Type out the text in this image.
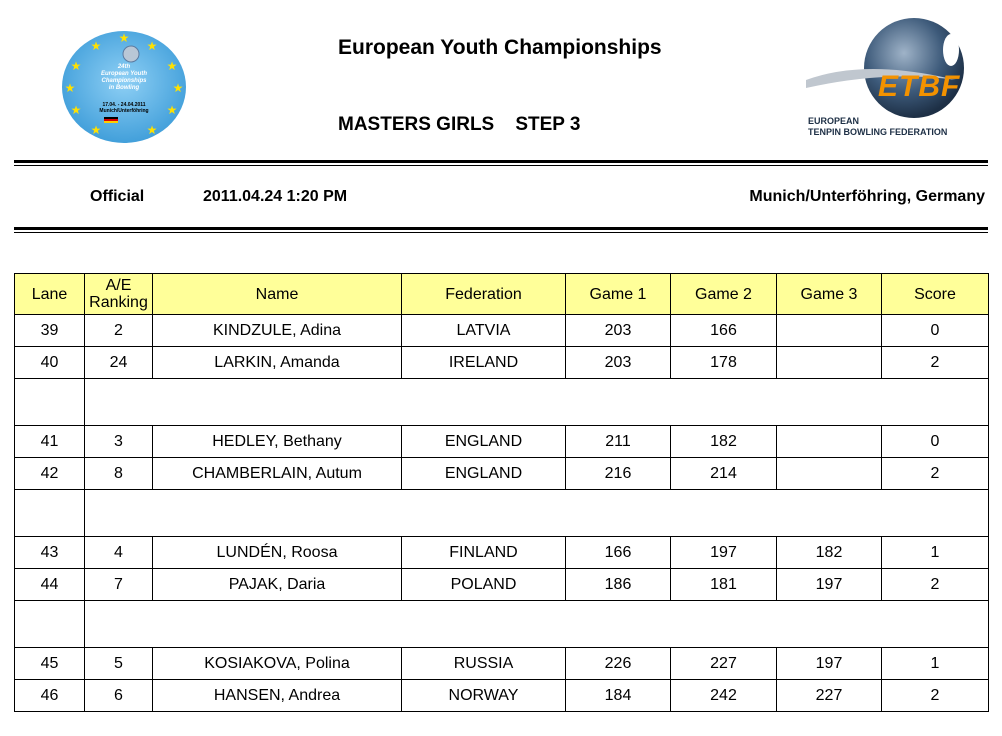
★
★	★
★	★
★	★
★	★
★	★
24th
European Youth
Championships
in Bowling
17.04. - 24.04.2011
Munich/Unterföhring
European Youth Championships
MASTERS GIRLS    STEP 3
ETBF
EUROPEAN
TENPIN BOWLING FEDERATION
Official	2011.04.24 1:20 PM	Munich/Unterföhring, Germany
Lane	A/E Ranking	Name	Federation	Game 1	Game 2	Game 3	Score
39	2	KINDZULE, Adina	LATVIA	203	166		0
40	24	LARKIN, Amanda	IRELAND	203	178		2

41	3	HEDLEY, Bethany	ENGLAND	211	182		0
42	8	CHAMBERLAIN, Autum	ENGLAND	216	214		2

43	4	LUNDÉN, Roosa	FINLAND	166	197	182	1
44	7	PAJAK, Daria	POLAND	186	181	197	2

45	5	KOSIAKOVA, Polina	RUSSIA	226	227	197	1
46	6	HANSEN, Andrea	NORWAY	184	242	227	2
